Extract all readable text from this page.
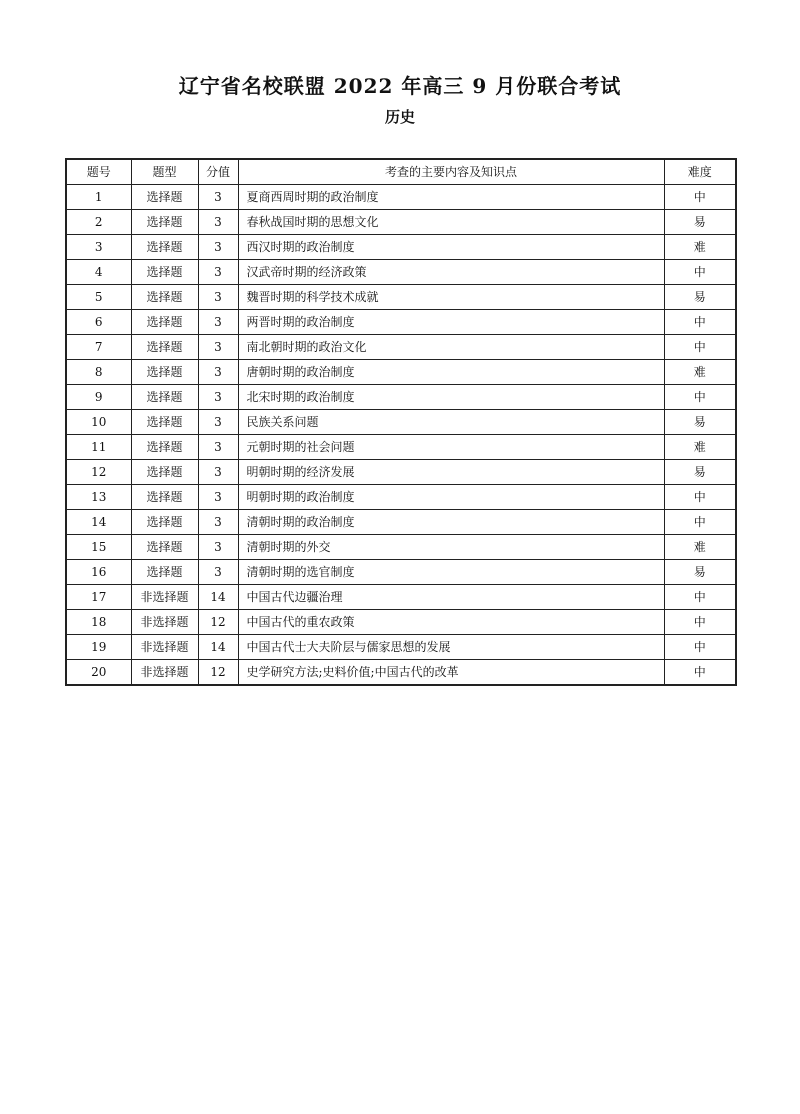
辽宁省名校联盟 2022 年高三 9 月份联合考试
历史
题号	题型	分值	考查的主要内容及知识点	难度
1	选择题	3	夏商西周时期的政治制度	中
2	选择题	3	春秋战国时期的思想文化	易
3	选择题	3	西汉时期的政治制度	难
4	选择题	3	汉武帝时期的经济政策	中
5	选择题	3	魏晋时期的科学技术成就	易
6	选择题	3	两晋时期的政治制度	中
7	选择题	3	南北朝时期的政治文化	中
8	选择题	3	唐朝时期的政治制度	难
9	选择题	3	北宋时期的政治制度	中
10	选择题	3	民族关系问题	易
11	选择题	3	元朝时期的社会问题	难
12	选择题	3	明朝时期的经济发展	易
13	选择题	3	明朝时期的政治制度	中
14	选择题	3	清朝时期的政治制度	中
15	选择题	3	清朝时期的外交	难
16	选择题	3	清朝时期的选官制度	易
17	非选择题	14	中国古代边疆治理	中
18	非选择题	12	中国古代的重农政策	中
19	非选择题	14	中国古代士大夫阶层与儒家思想的发展	中
20	非选择题	12	史学研究方法;史料价值;中国古代的改革	中
